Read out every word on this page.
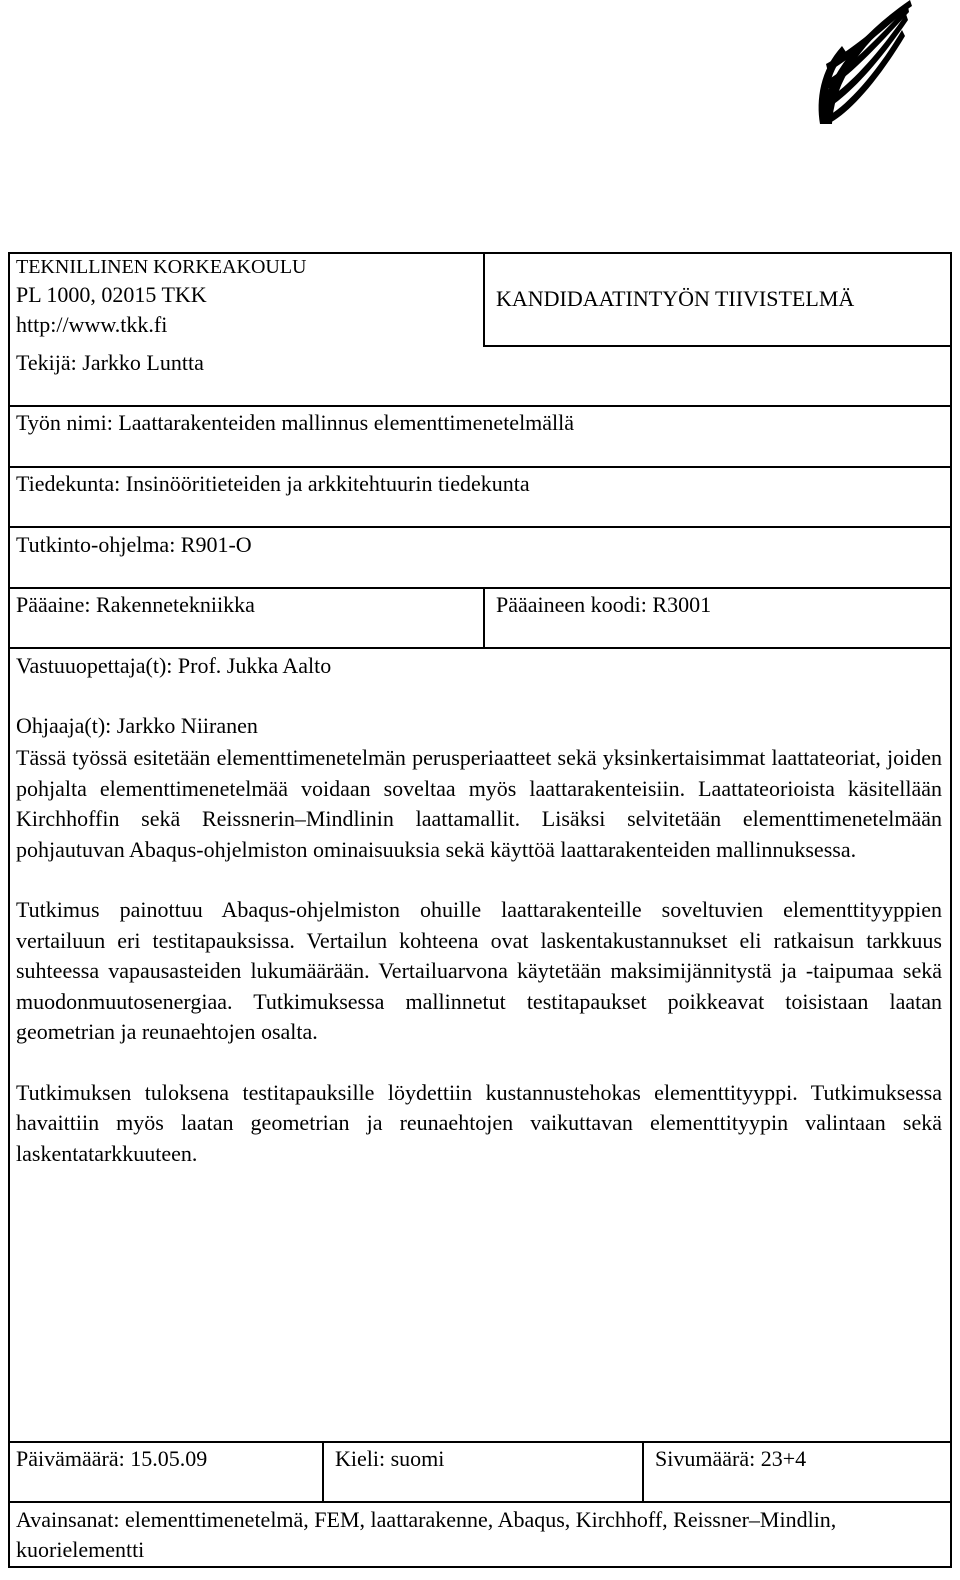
TEKNILLINEN KORKEAKOULU
PL 1000, 02015 TKK
http://www.tkk.fi
KANDIDAATINTYÖN TIIVISTELMÄ
Tekijä: Jarkko Luntta
Työn nimi: Laattarakenteiden mallinnus elementtimenetelmällä
Tiedekunta: Insinööritieteiden ja arkkitehtuurin tiedekunta
Tutkinto-ohjelma: R901-O
Pääaine: Rakennetekniikka	Pääaineen koodi: R3001
Vastuuopettaja(t): Prof. Jukka Aalto
Ohjaaja(t): Jarkko Niiranen

Tässä työssä esitetään elementtimenetelmän perusperiaatteet sekä yksinkertaisimmat laattateoriat, joiden pohjalta elementtimenetelmää voidaan soveltaa myös laattarakenteisiin. Laattateorioista käsitellään Kirchhoffin sekä Reissnerin–Mindlinin laattamallit. Lisäksi selvitetään elementtimenetelmään pohjautuvan Abaqus-ohjelmiston ominaisuuksia sekä käyttöä laattarakenteiden mallinnuksessa.

Tutkimus painottuu Abaqus-ohjelmiston ohuille laattarakenteille soveltuvien elementtityyppien vertailuun eri testitapauksissa. Vertailun kohteena ovat laskentakustannukset eli ratkaisun tarkkuus suhteessa vapausasteiden lukumäärään. Vertailuarvona käytetään maksimijännitystä ja -taipumaa sekä muodonmuutosenergiaa. Tutkimuksessa mallinnetut testitapaukset poikkeavat toisistaan laatan geometrian ja reunaehtojen osalta.

Tutkimuksen tuloksena testitapauksille löydettiin kustannustehokas elementtityyppi. Tutkimuksessa havaittiin myös laatan geometrian ja reunaehtojen vaikuttavan elementtityypin valintaan sekä laskentatarkkuuteen.

Päivämäärä: 15.05.09	Kieli: suomi	Sivumäärä: 23+4
Avainsanat: elementtimenetelmä, FEM, laattarakenne, Abaqus, Kirchhoff, Reissner–Mindlin, kuorielementti
